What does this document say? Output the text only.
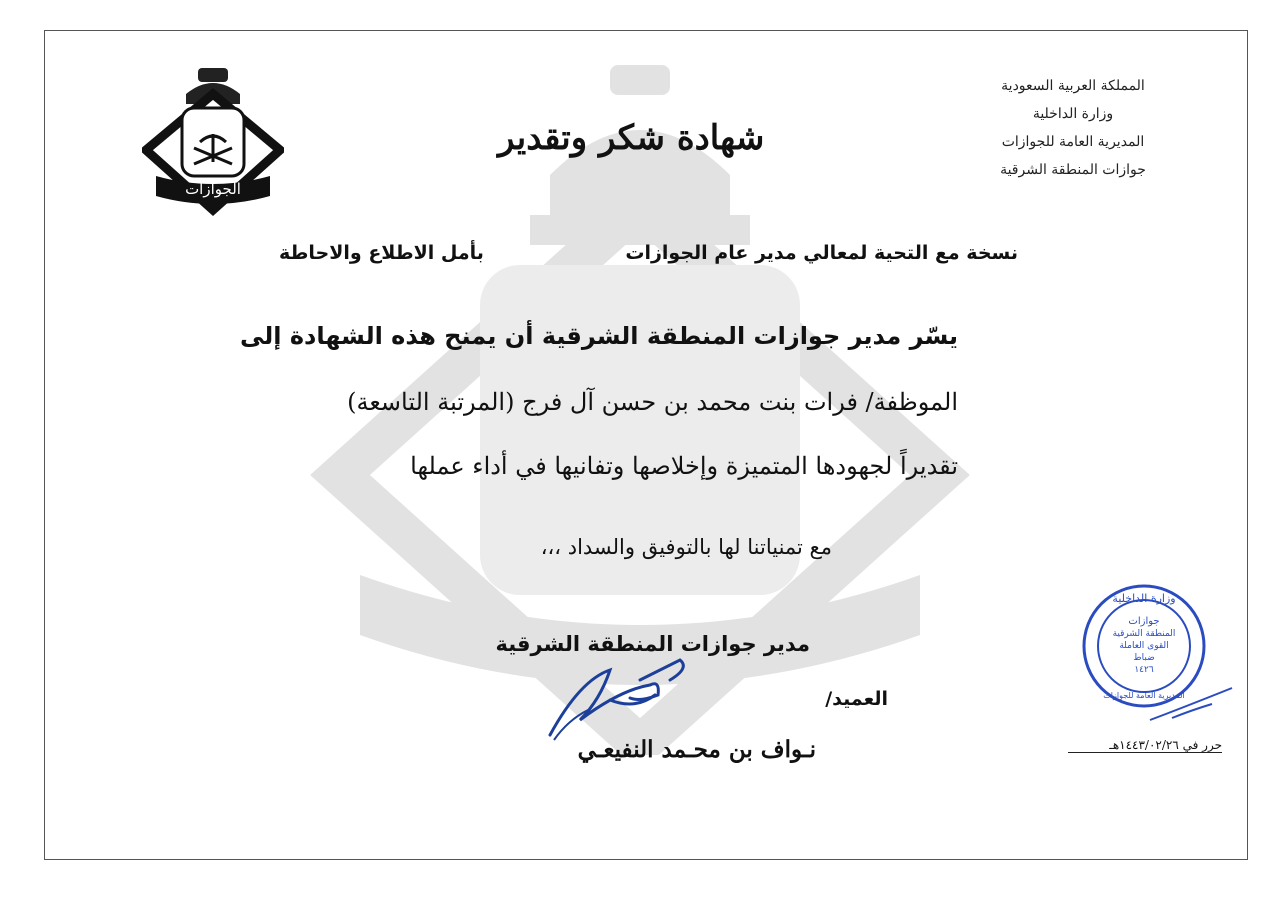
المملكة العربية السعودية
وزارة الداخلية
المديرية العامة للجوازات
جوازات المنطقة الشرقية
الجوازات
شهادة شكر وتقدير
نسخة مع التحية لمعالي مدير عام الجوازات
بأمل الاطلاع والاحاطة
يسّر مدير جوازات المنطقة الشرقية أن يمنح هذه الشهادة إلى
الموظفة/ فرات بنت محمد بن حسن آل فرج (المرتبة التاسعة)
تقديراً لجهودها المتميزة وإخلاصها وتفانيها في أداء عملها
مع تمنياتنا لها بالتوفيق والسداد ،،،
مدير جوازات المنطقة الشرقية
العميد/
نـواف بن محـمد النفيعـي
وزارة الداخلية
جوازات
المنطقة الشرقية
القوى العاملة
ضباط
١٤٢٦
المديرية العامة للجوازات
حرر في ١٤٤٣/٠٢/٢٦هـ
